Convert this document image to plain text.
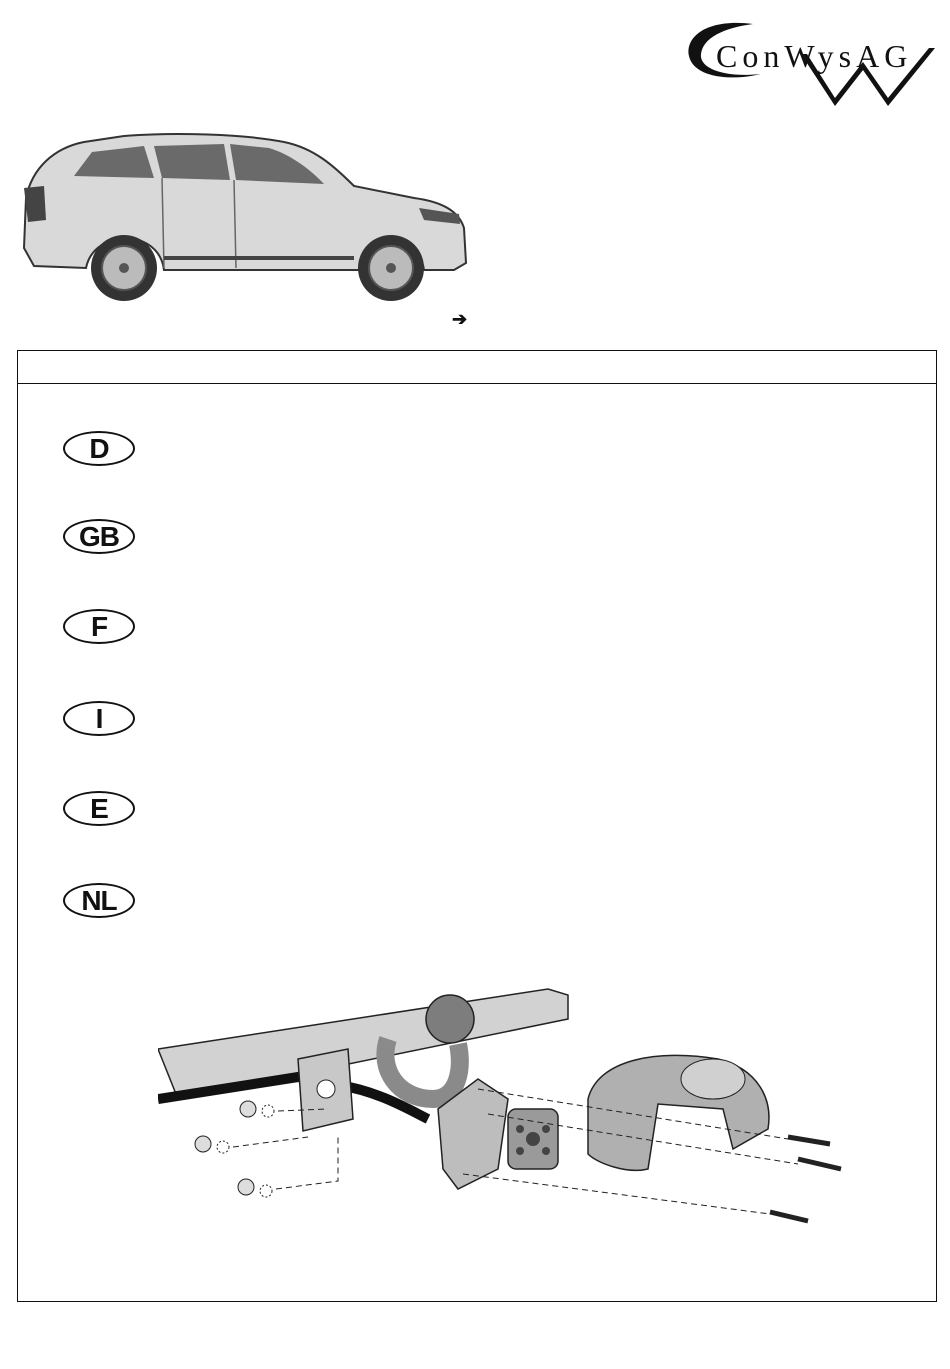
ConWysAG
➔
D
GB
F
I
E
NL
